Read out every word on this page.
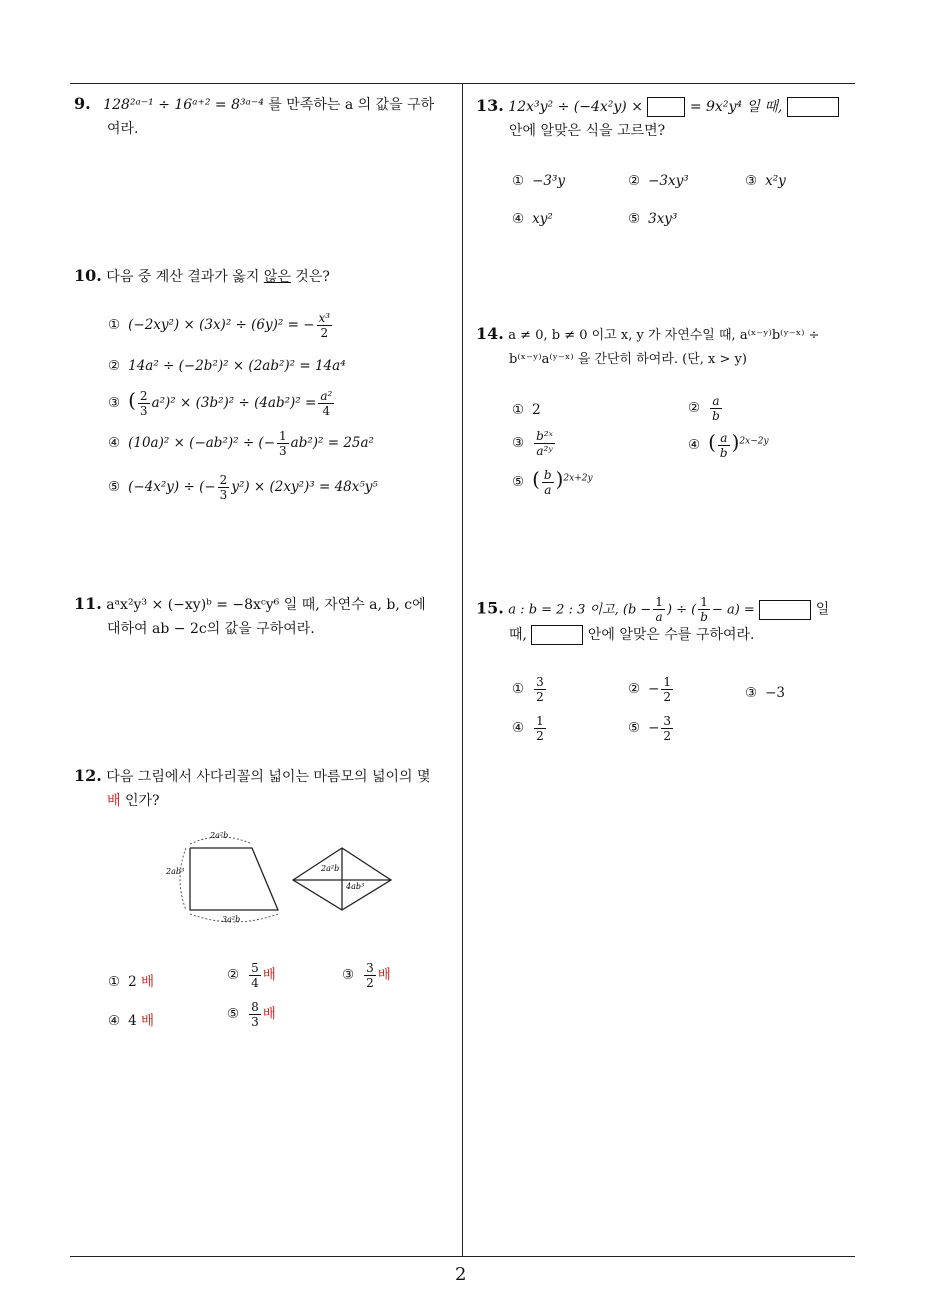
2
9. 128²ᵃ⁻¹ ÷ 16ᵃ⁺² = 8³ᵃ⁻⁴ 를 만족하는 a 의 값을 구하
여라.
10. 다음 중 계산 결과가 옳지 않은 것은?
① (−2xy²) × (3x)² ÷ (6y)² = − $\frac{\text{x³}}{2}$
② 14a² ÷ (−2b²)² × (2ab²)² = 14a⁴
③ ( $\frac{2}{3} a^2)^2 \times (3b^2)^2 \div (4ab^2)^2 = \frac{\text{a²}}{4}$
④ (10a)² × (−ab²)² ÷ (− $\frac{1}{3} ab^2)^2 = 25a^2$
⑤ (−4x²y) ÷ (− $\frac{2}{3} y^2) \times (2xy^2)^3 = 48x^5y^5$
11. aᵃx²y³ × (−xy)ᵇ = −8xᶜy⁶ 일 때, 자연수 a, b, c에
대하여 ab − 2c의 값을 구하여라.
12. 다음 그림에서 사다리꼴의 넓이는 마름모의 넓이의 몇
배 인가?
2a²b
2ab³
3a²b
2a²b
4ab³
① 2 배	② $\frac{5}{4}$ 배	③ $\frac{3}{2}$ 배
④ 4 배	⑤ $\frac{8}{3}$ 배
13. 12x³y² ÷ (−4x²y) ×	= 9x²y⁴ 일 때,
안에 알맞은 식을 고르면?
① −3³y	② −3xy³	③ x²y
④ xy²	⑤ 3xy³
14. a ≠ 0, b ≠ 0 이고 x, y 가 자연수일 때, a⁽ˣ⁻ʸ⁾b⁽ʸ⁻ˣ⁾ ÷
b⁽ˣ⁻ʸ⁾a⁽ʸ⁻ˣ⁾ 을 간단히 하여라. (단, x > y)
① 2	② $\frac{a}{b}$
③ $\frac{\text{b²ˣ}}{\text{a²ʸ}}$	④ ( $\frac{a}{b} )^{2x-2y}$
⑤ ( $\frac{b}{a} )^{2x+2y}$
15. a : b = 2 : 3 이고, ($b - \frac{1}{a}$ ) ÷ ( $\frac{1}{b} - a$) =	일
때,	안에 알맞은 수를 구하여라.
① $\frac{3}{2}$	② − $\frac{1}{2}$	③ −3
④ $\frac{1}{2}$	⑤ − $\frac{3}{2}$
